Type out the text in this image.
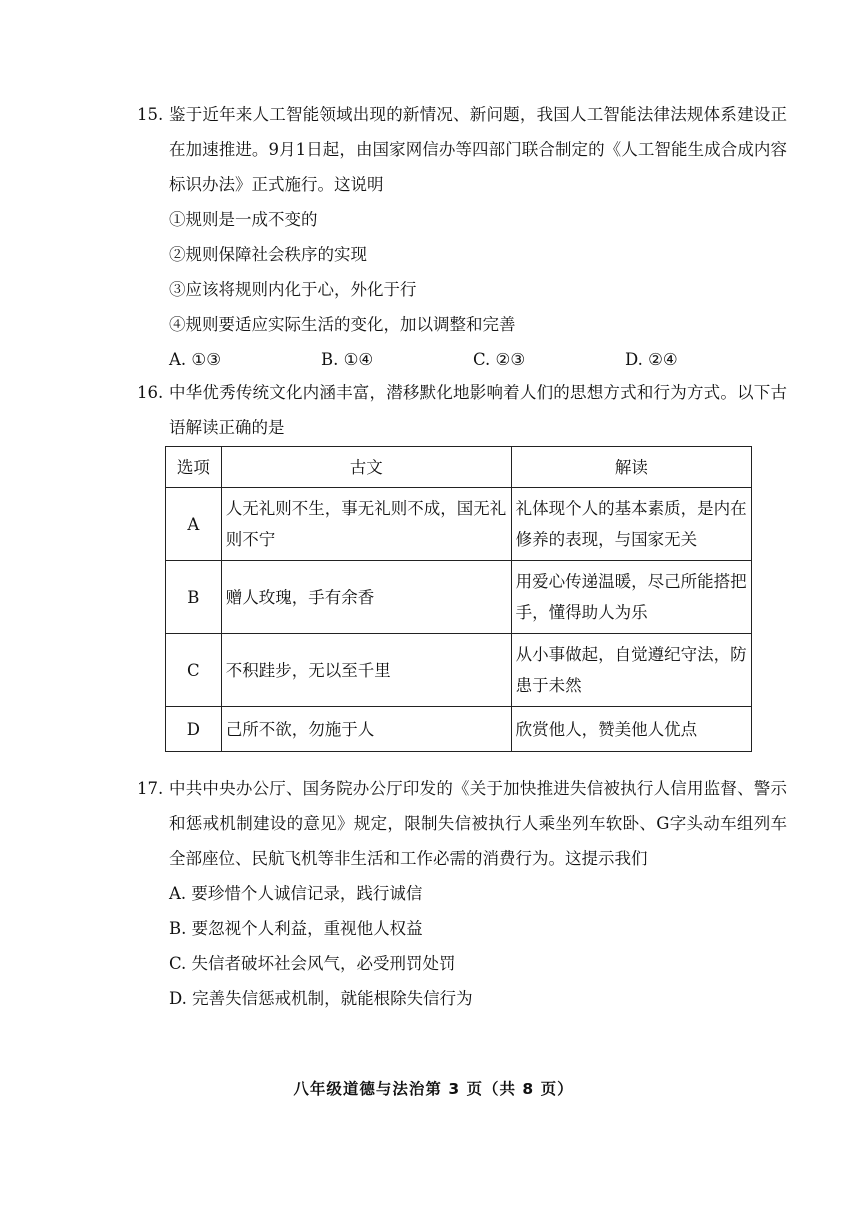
15. 鉴于近年来人工智能领域出现的新情况、新问题，我国人工智能法律法规体系建设正在加速推进。9月1日起，由国家网信办等四部门联合制定的《人工智能生成合成内容标识办法》正式施行。这说明
①规则是一成不变的
②规则保障社会秩序的实现
③应该将规则内化于心，外化于行
④规则要适应实际生活的变化，加以调整和完善
A. ①③	B. ①④	C. ②③	D. ②④
16. 中华优秀传统文化内涵丰富，潜移默化地影响着人们的思想方式和行为方式。以下古语解读正确的是
选项	古文	解读
A	人无礼则不生，事无礼则不成，国无礼则不宁	礼体现个人的基本素质，是内在修养的表现，与国家无关
B	赠人玫瑰，手有余香	用爱心传递温暖，尽己所能搭把手，懂得助人为乐
C	不积跬步，无以至千里	从小事做起，自觉遵纪守法，防患于未然
D	己所不欲，勿施于人	欣赏他人，赞美他人优点
17. 中共中央办公厅、国务院办公厅印发的《关于加快推进失信被执行人信用监督、警示和惩戒机制建设的意见》规定，限制失信被执行人乘坐列车软卧、G字头动车组列车全部座位、民航飞机等非生活和工作必需的消费行为。这提示我们
A. 要珍惜个人诚信记录，践行诚信
B. 要忽视个人利益，重视他人权益
C. 失信者破坏社会风气，必受刑罚处罚
D. 完善失信惩戒机制，就能根除失信行为
八年级道德与法治第 3 页（共 8 页）
